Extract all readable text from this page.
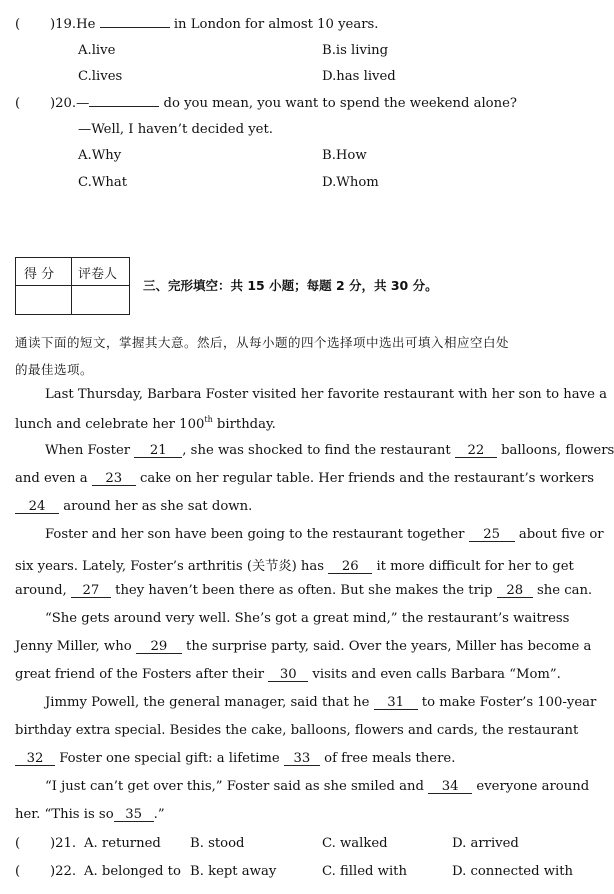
( )19.He	in London for almost 10 years.
A.live	B.is living
C.lives	D.has lived
( )20.—	do you mean, you want to spend the weekend alone?
—Well, I haven’t decided yet.
A.Why	B.How
C.What	D.Whom
得 分 评卷人
三、完形填空：共 15 小题；每题 2 分，共 30 分。
通读下面的短文，掌握其大意。然后，从每小题的四个选择项中选出可填入相应空白处
的最佳选项。
Last Thursday, Barbara Foster visited her favorite restaurant with her son to have a
lunch and celebrate her 100th birthday.
When Foster 21 , she was shocked to find the restaurant 22 balloons, flowers
and even a 23 cake on her regular table. Her friends and the restaurant’s workers
24 around her as she sat down.
Foster and her son have been going to the restaurant together 25 about five or
six years. Lately, Foster’s arthritis (关节炎) has 26 it more difficult for her to get
around, 27 they haven’t been there as often. But she makes the trip 28 she can.
“She gets around very well. She’s got a great mind,” the restaurant’s waitress
Jenny Miller, who 29 the surprise party, said. Over the years, Miller has become a
great friend of the Fosters after their 30 visits and even calls Barbara “Mom”.
Jimmy Powell, the general manager, said that he 31 to make Foster’s 100-year
birthday extra special. Besides the cake, balloons, flowers and cards, the restaurant
32 Foster one special gift: a lifetime 33 of free meals there.
“I just can’t get over this,” Foster said as she smiled and 34 everyone around
her. “This is so 35 .”
( )21. A. returned B. stood	C. walked	D. arrived
( )22. A. belonged to B. kept away	C. filled with	D. connected with
